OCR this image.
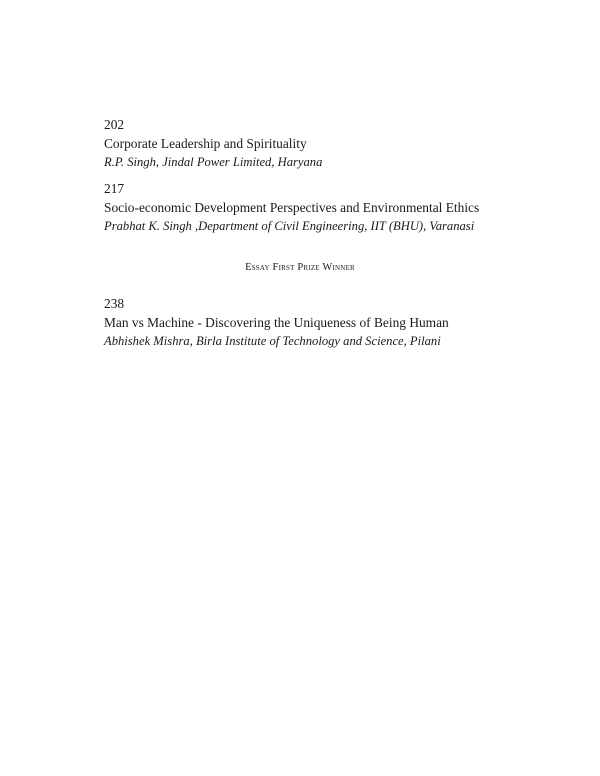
202
Corporate Leadership and Spirituality
R.P. Singh, Jindal Power Limited, Haryana
217
Socio-economic Development Perspectives and Environmental Ethics
Prabhat K. Singh ,Department of Civil Engineering, IIT (BHU), Varanasi
Essay First Prize Winner
238
Man vs Machine - Discovering the Uniqueness of Being Human
Abhishek Mishra, Birla Institute of Technology and Science, Pilani
